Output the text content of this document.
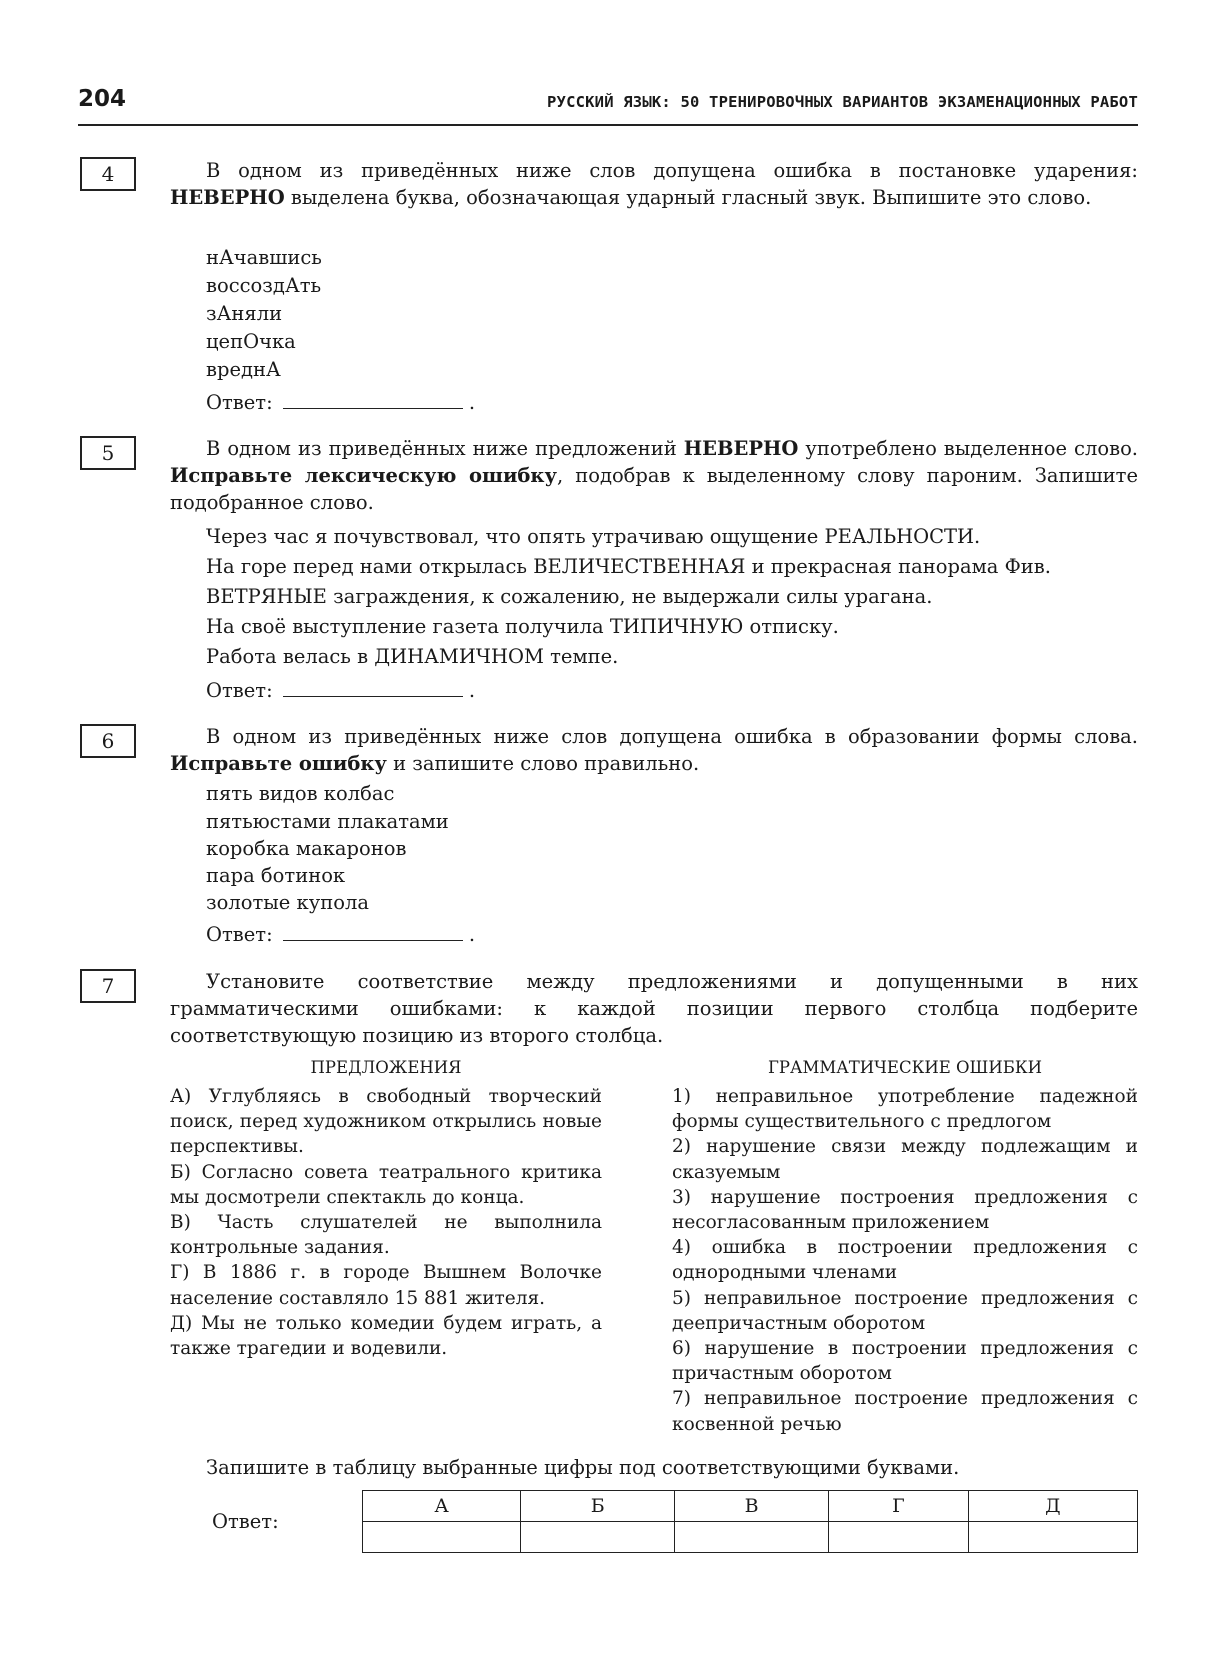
204	РУССКИЙ ЯЗЫК: 50 ТРЕНИРОВОЧНЫХ ВАРИАНТОВ ЭКЗАМЕНАЦИОННЫХ РАБОТ
4	В одном из приведённых ниже слов допущена ошибка в постановке ударения: НЕВЕРНО выделена буква, обозначающая ударный гласный звук. Выпишите это слово.
нАчавшись
воссоздАть
зАняли
цепОчка
вреднА
Ответ:	.
5	В одном из приведённых ниже предложений НЕВЕРНО употреблено выделенное слово. Исправьте лексическую ошибку, подобрав к выделенному слову пароним. Запишите подобранное слово.
Через час я почувствовал, что опять утрачиваю ощущение РЕАЛЬНОСТИ.
На горе перед нами открылась ВЕЛИЧЕСТВЕННАЯ и прекрасная панорама Фив.
ВЕТРЯНЫЕ заграждения, к сожалению, не выдержали силы урагана.
На своё выступление газета получила ТИПИЧНУЮ отписку.
Работа велась в ДИНАМИЧНОМ темпе.
Ответ:	.
6	В одном из приведённых ниже слов допущена ошибка в образовании формы слова. Исправьте ошибку и запишите слово правильно.
пять видов колбас
пятьюстами плакатами
коробка макаронов
пара ботинок
золотые купола
Ответ:	.
7	Установите соответствие между предложениями и допущенными в них грамматическими ошибками: к каждой позиции первого столбца подберите соответствующую позицию из второго столбца.
ПРЕДЛОЖЕНИЯ	ГРАММАТИЧЕСКИЕ ОШИБКИ
А) Углубляясь в свободный творческий поиск, перед художником открылись новые перспективы.
Б) Согласно совета театрального критика мы досмотрели спектакль до конца.
В) Часть слушателей не выполнила контрольные задания.
Г) В 1886 г. в городе Вышнем Волочке население составляло 15 881 жителя.
Д) Мы не только комедии будем играть, а также трагедии и водевили.
1) неправильное употребление падежной формы существительного с предлогом
2) нарушение связи между подлежащим и сказуемым
3) нарушение построения предложения с несогласованным приложением
4) ошибка в построении предложения с однородными членами
5) неправильное построение предложения с деепричастным оборотом
6) нарушение в построении предложения с причастным оборотом
7) неправильное построение предложения с косвенной речью
Запишите в таблицу выбранные цифры под соответствующими буквами.
Ответ:
А	Б	В	Г	Д
